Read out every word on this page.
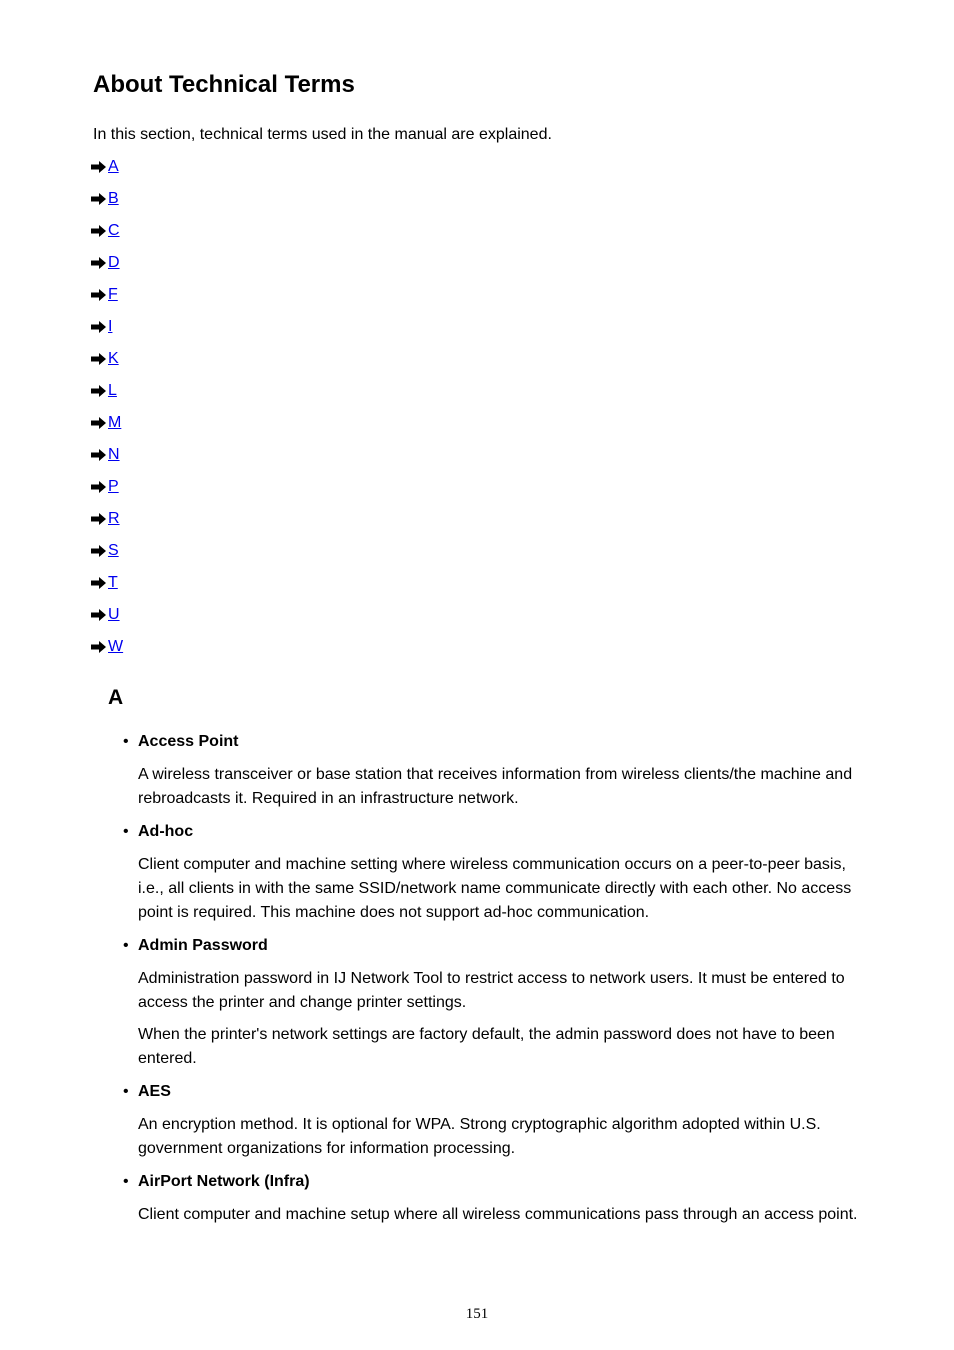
About Technical Terms

In this section, technical terms used in the manual are explained.

A
B
C
D
F
I
K
L
M
N
P
R
S
T
U
W
A
• Access Point

A wireless transceiver or base station that receives information from wireless clients/the machine and rebroadcasts it. Required in an infrastructure network.

• Ad-hoc

Client computer and machine setting where wireless communication occurs on a peer-to-peer basis, i.e., all clients in with the same SSID/network name communicate directly with each other. No access point is required. This machine does not support ad-hoc communication.

• Admin Password

Administration password in IJ Network Tool to restrict access to network users. It must be entered to access the printer and change printer settings.

When the printer's network settings are factory default, the admin password does not have to been entered.

• AES

An encryption method. It is optional for WPA. Strong cryptographic algorithm adopted within U.S. government organizations for information processing.

• AirPort Network (Infra)

Client computer and machine setup where all wireless communications pass through an access point.

151
